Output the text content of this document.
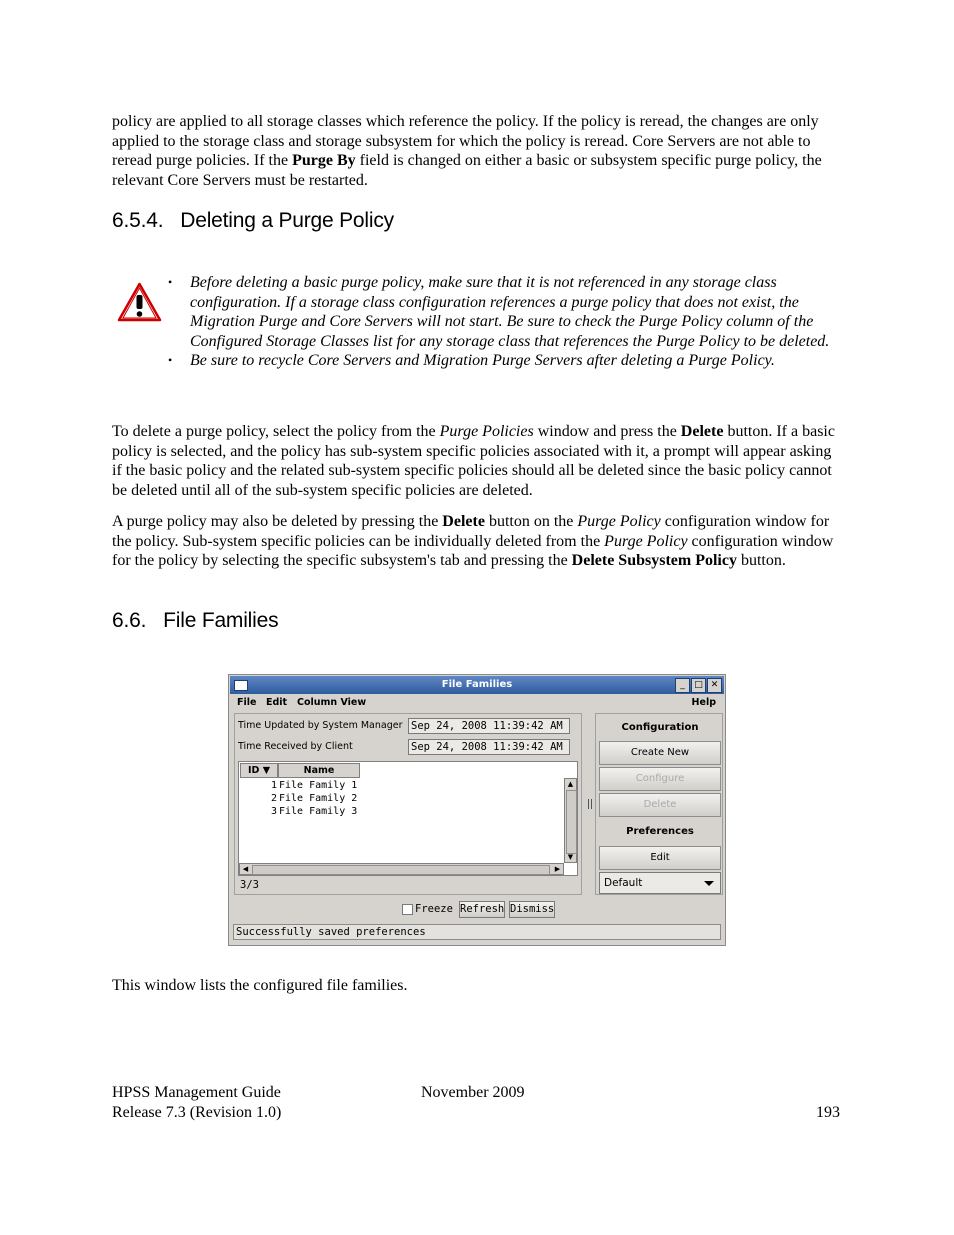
policy are applied to all storage classes which reference the policy. If the policy is reread, the changes are only applied to the storage class and storage subsystem for which the policy is reread. Core Servers are not able to reread purge policies. If the Purge By field is changed on either a basic or subsystem specific purge policy, the relevant Core Servers must be restarted.

6.5.4. Deleting a Purge Policy
• Before deleting a basic purge policy, make sure that it is not referenced in any storage class configuration. If a storage class configuration references a purge policy that does not exist, the Migration Purge and Core Servers will not start. Be sure to check the Purge Policy column of the Configured Storage Classes list for any storage class that references the Purge Policy to be deleted.
• Be sure to recycle Core Servers and Migration Purge Servers after deleting a Purge Policy.

To delete a purge policy, select the policy from the Purge Policies window and press the Delete button. If a basic policy is selected, and the policy has sub-system specific policies associated with it, a prompt will appear asking if the basic policy and the related sub-system specific policies should all be deleted since the basic policy cannot be deleted until all of the sub-system specific policies are deleted.

A purge policy may also be deleted by pressing the Delete button on the Purge Policy configuration window for the policy. Sub-system specific policies can be individually deleted from the Purge Policy configuration window for the policy by selecting the specific subsystem's tab and pressing the Delete Subsystem Policy button.

6.6. File Families
File Families	_	□ ✕
File Edit Column View	Help
Time Updated by System Manager Sep 24, 2008 11:39:42 AM
Time Received by Client	Sep 24, 2008 11:39:42 AM
ID ▼	Name
1 File Family 1
2 File Family 2
3 File Family 3
▲
▼
◀	▶
3/3
Configuration
Create New
Configure
Delete
Preferences
Edit
Default
Freeze Refresh Dismiss
Successfully saved preferences

This window lists the configured file families.

HPSS Management Guide
Release 7.3 (Revision 1.0)
November 2009
193
